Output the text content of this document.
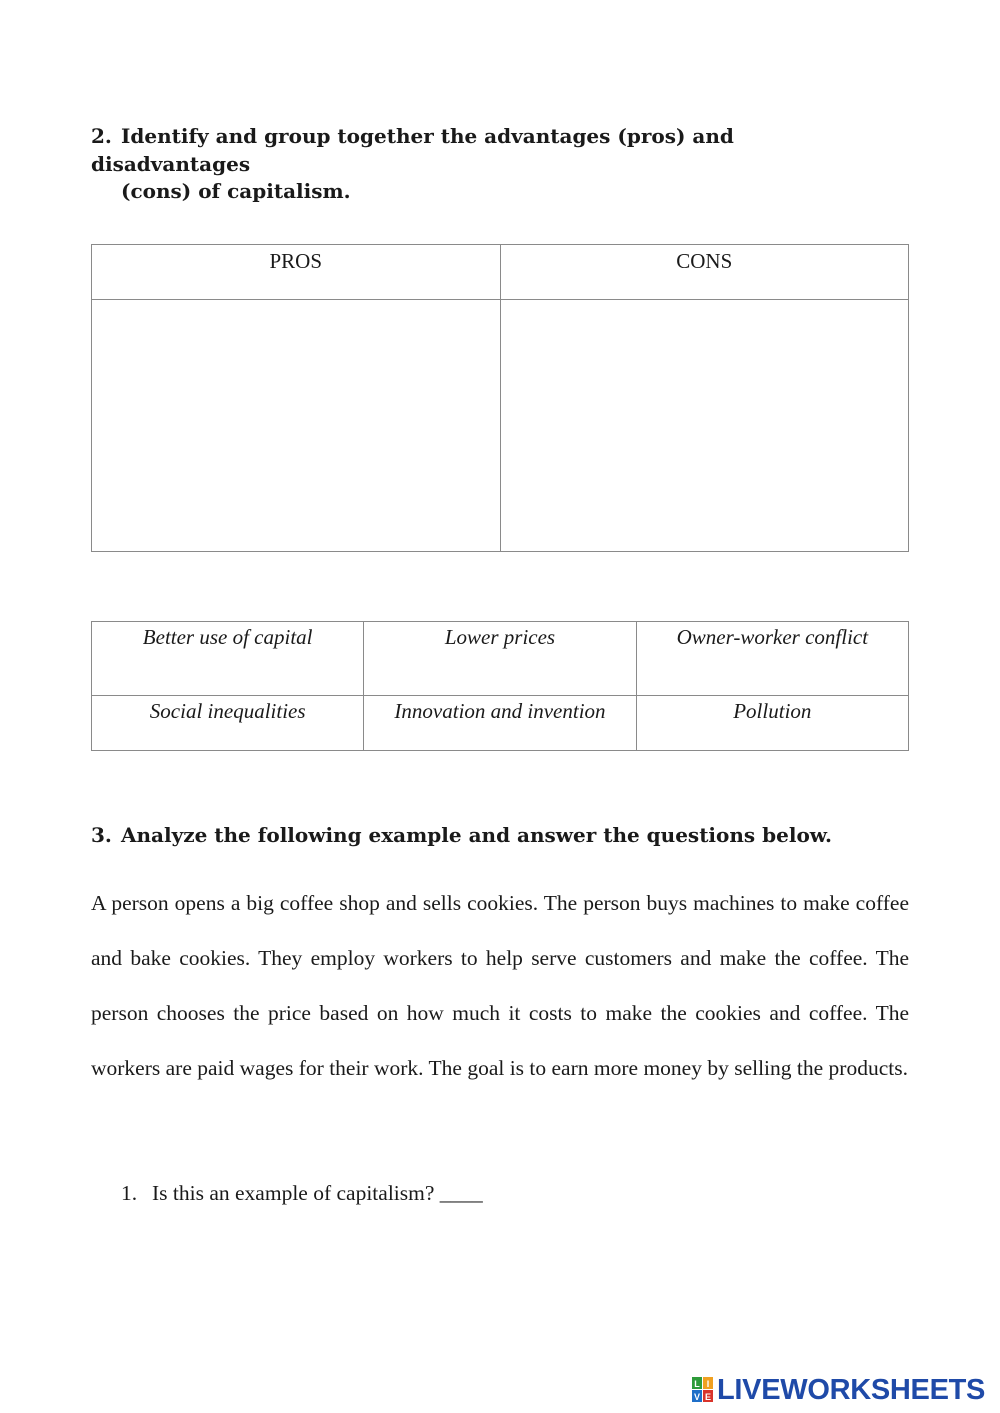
2. Identify and group together the advantages (pros) and disadvantages
(cons) of capitalism.
PROS	CONS

Better use of capital	Lower prices	Owner-worker conflict
Social inequalities	Innovation and invention	Pollution
3. Analyze the following example and answer the questions below.
A person opens a big coffee shop and sells cookies. The person buys machines to make coffee and bake cookies. They employ workers to help serve customers and make the coffee. The person chooses the price based on how much it costs to make the cookies and coffee. The workers are paid wages for their work. The goal is to earn more money by selling the products.
1. Is this an example of capitalism? ____
L I
V E LIVEWORKSHEETS
